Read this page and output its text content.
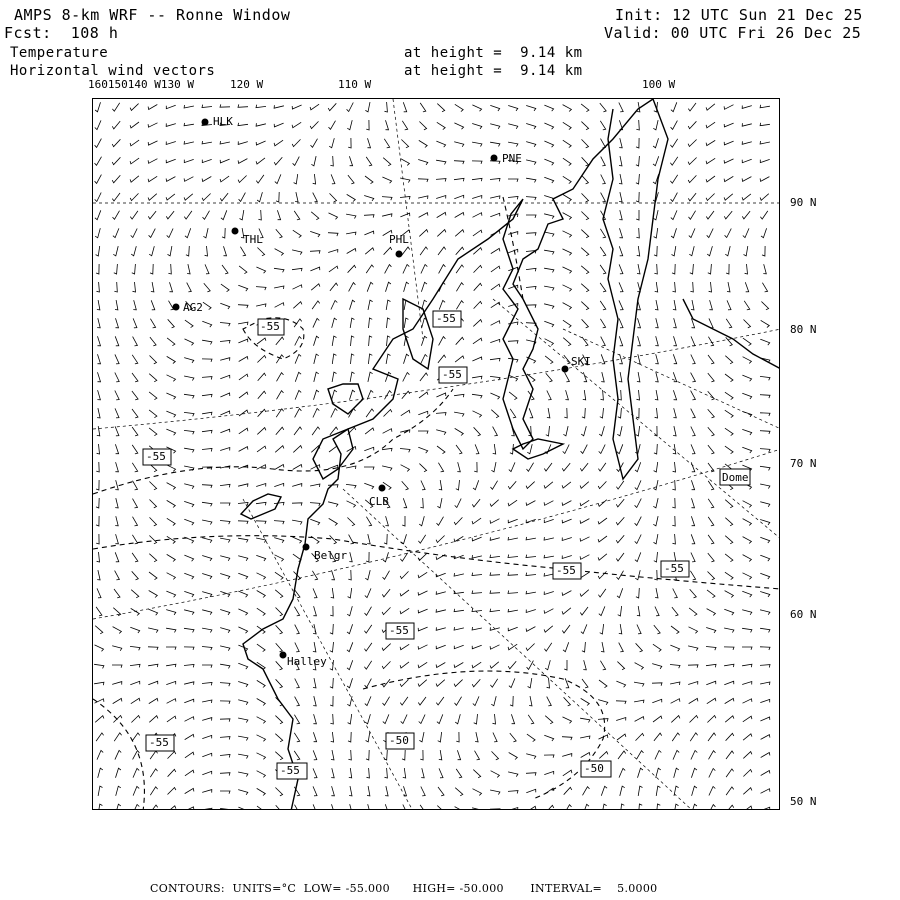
AMPS 8-km WRF -- Ronne Window
Fcst:  108 h
Init: 12 UTC Sun 21 Dec 25
Valid: 00 UTC Fri 26 Dec 25
Temperature
Horizontal wind vectors
at height =  9.14 km
at height =  9.14 km
160150140 W130 W	120 W	110 W	100 W
90 N
80 N
70 N
60 N
50 N
HLK
PNE
THL	PHL
AG2
SKI
CLB
Belgr
Halley
Dome
-55
-55
-55
-55
-55	-55
-55
-55	-50
-55	-50
CONTOURS:  UNITS=°C  LOW= -55.000      HIGH= -50.000       INTERVAL=    5.0000
